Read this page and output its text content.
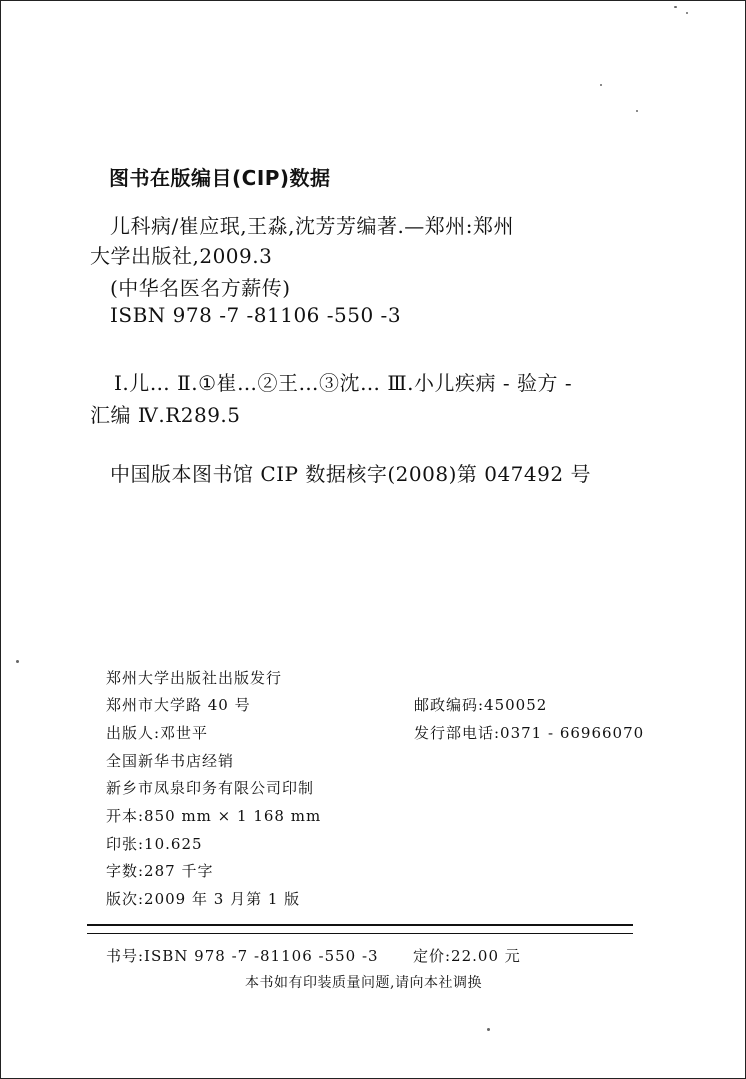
图书在版编目(CIP)数据
儿科病/崔应珉,王淼,沈芳芳编著.—郑州:郑州
大学出版社,2009.3
(中华名医名方薪传)
ISBN 978 -7 -81106 -550 -3
Ⅰ.儿… Ⅱ.①崔…②王…③沈… Ⅲ.小儿疾病 - 验方 -
汇编 Ⅳ.R289.5
中国版本图书馆 CIP 数据核字(2008)第 047492 号
郑州大学出版社出版发行
郑州市大学路 40 号	邮政编码:450052
出版人:邓世平	发行部电话:0371 - 66966070
全国新华书店经销
新乡市凤泉印务有限公司印制
开本:850 mm × 1 168 mm
印张:10.625
字数:287 千字
版次:2009 年 3 月第 1 版
书号:ISBN 978 -7 -81106 -550 -3 定价:22.00 元
本书如有印装质量问题,请向本社调换
